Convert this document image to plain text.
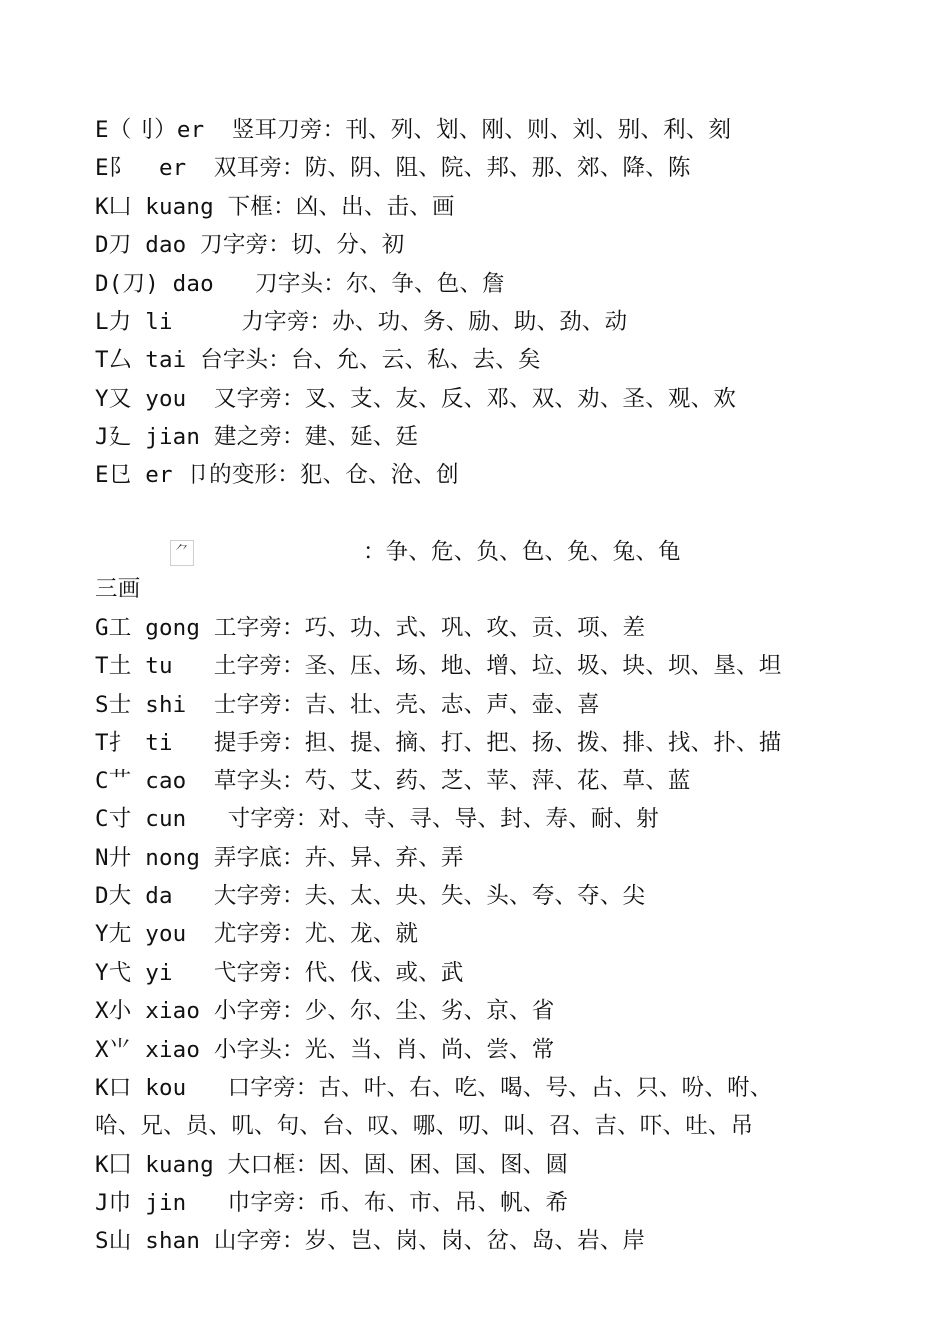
E（刂）er  竖耳刀旁：刊、列、划、刚、则、刘、别、利、刻
E阝  er  双耳旁：防、阴、阻、院、邦、那、郊、降、陈
K凵 kuang 下框：凶、出、击、画
D刀 dao 刀字旁：切、分、初
D(刀) dao   刀字头：尔、争、色、詹
L力 li     力字旁：办、功、务、励、助、劲、动
T厶 tai 台字头：台、允、云、私、去、矣
Y又 you  又字旁：叉、支、友、反、邓、双、劝、圣、观、欢
J廴 jian 建之旁：建、延、廷
E㔾 er 卩的变形：犯、仓、沧、创

⺈            ：争、危、负、色、免、兔、龟

三画
G工 gong 工字旁：巧、功、式、巩、攻、贡、项、差
T土 tu   土字旁：圣、压、场、地、增、垃、圾、块、坝、垦、坦
S士 shi  士字旁：吉、壮、壳、志、声、壶、喜
T扌 ti   提手旁：担、提、摘、打、把、扬、拨、排、找、扑、描
C艹 cao  草字头：芍、艾、药、芝、苹、萍、花、草、蓝
C寸 cun   寸字旁：对、寺、寻、导、封、寿、耐、射
N廾 nong 弄字底：卉、异、弃、弄
D大 da   大字旁：夫、太、央、失、头、夸、夺、尖
Y尢 you  尤字旁：尤、龙、就
Y弋 yi   弋字旁：代、伐、或、武
X小 xiao 小字旁：少、尔、尘、劣、京、省
X⺌ xiao 小字头：光、当、肖、尚、尝、常
K口 kou   口字旁：古、叶、右、吃、喝、号、占、只、吩、咐、
哈、兄、员、叽、句、台、叹、哪、叨、叫、召、吉、吓、吐、吊
K囗 kuang 大口框：因、固、困、国、图、圆
J巾 jin   巾字旁：币、布、市、吊、帆、希
S山 shan 山字旁：岁、岂、岗、岗、岔、岛、岩、岸
